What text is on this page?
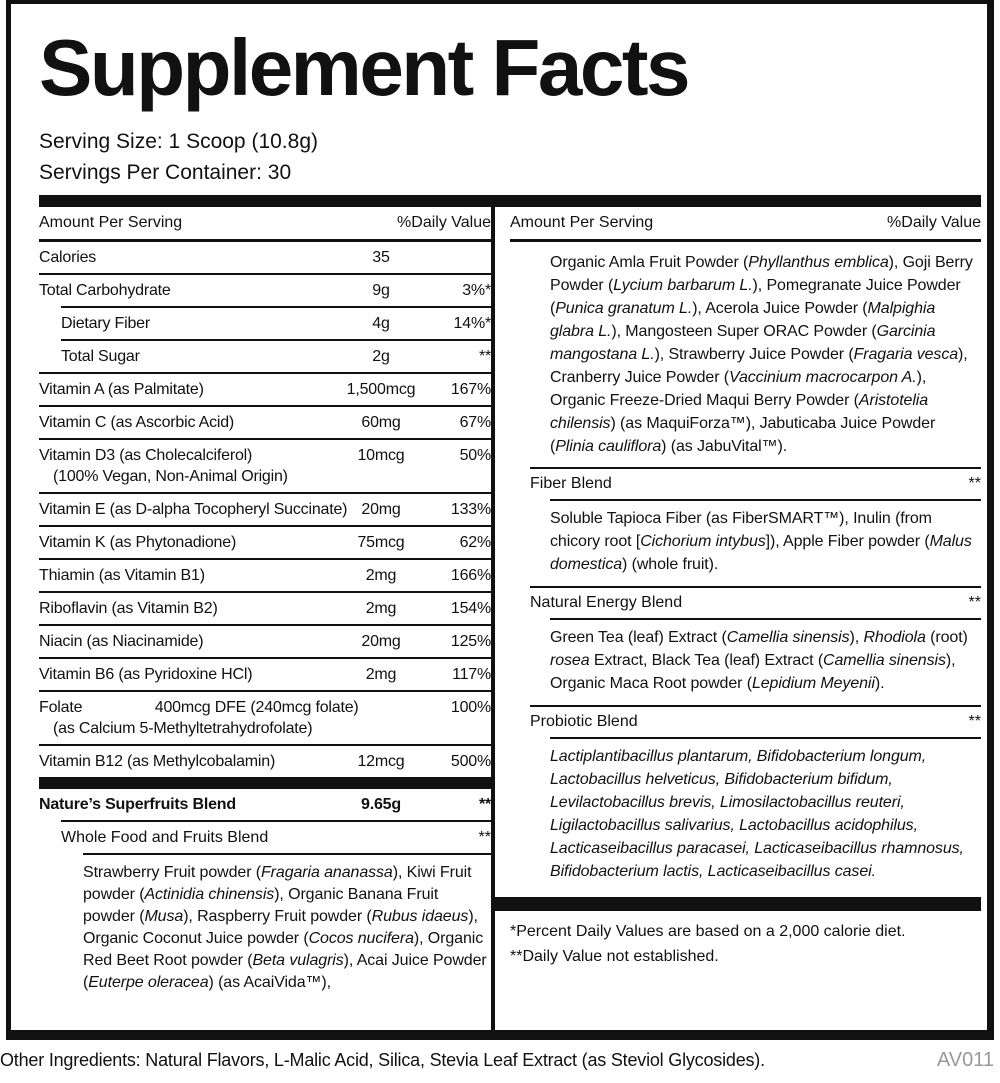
Supplement Facts
Serving Size: 1 Scoop (10.8g)
Servings Per Container: 30
Amount Per Serving	%Daily Value
Calories	35
Total Carbohydrate	9g	3%*
Dietary Fiber	4g	14%*
Total Sugar	2g	**
Vitamin A (as Palmitate)	1,500mcg	167%
Vitamin C (as Ascorbic Acid)	60mg	67%
Vitamin D3 (as Cholecalciferol)	10mcg	50%
(100% Vegan, Non-Animal Origin)
Vitamin E (as D-alpha Tocopheryl Succinate) 20mg	133%
Vitamin K (as Phytonadione)	75mcg	62%
Thiamin (as Vitamin B1)	2mg	166%
Riboflavin (as Vitamin B2)	2mg	154%
Niacin (as Niacinamide)	20mg	125%
Vitamin B6 (as Pyridoxine HCl)	2mg	117%
Folate	400mcg DFE (240mcg folate)	100%
(as Calcium 5-Methyltetrahydrofolate)
Vitamin B12 (as Methylcobalamin)	12mcg	500%
Nature’s Superfruits Blend	9.65g	**
Whole Food and Fruits Blend	**
Strawberry Fruit powder (Fragaria ananassa), Kiwi Fruit powder (Actinidia chinensis), Organic Banana Fruit powder (Musa), Raspberry Fruit powder (Rubus idaeus), Organic Coconut Juice powder (Cocos nucifera), Organic Red Beet Root powder (Beta vulagris), Acai Juice Powder (Euterpe oleracea) (as AcaiVida™),
Amount Per Serving	%Daily Value
Organic Amla Fruit Powder (Phyllanthus emblica), Goji Berry Powder (Lycium barbarum L.), Pomegranate Juice Powder (Punica granatum L.), Acerola Juice Powder (Malpighia glabra L.), Mangosteen Super ORAC Powder (Garcinia mangostana L.), Strawberry Juice Powder (Fragaria vesca), Cranberry Juice Powder (Vaccinium macrocarpon A.), Organic Freeze-Dried Maqui Berry Powder (Aristotelia chilensis) (as MaquiForza™), Jabuticaba Juice Powder (Plinia cauliflora) (as JabuVital™).
Fiber Blend	**
Soluble Tapioca Fiber (as FiberSMART™), Inulin (from chicory root [Cichorium intybus]), Apple Fiber powder (Malus domestica) (whole fruit).
Natural Energy Blend	**
Green Tea (leaf) Extract (Camellia sinensis), Rhodiola (root) rosea Extract, Black Tea (leaf) Extract (Camellia sinensis), Organic Maca Root powder (Lepidium Meyenii).
Probiotic Blend	**
Lactiplantibacillus plantarum, Bifidobacterium longum, Lactobacillus helveticus, Bifidobacterium bifidum, Levilactobacillus brevis, Limosilactobacillus reuteri, Ligilactobacillus salivarius, Lactobacillus acidophilus, Lacticaseibacillus paracasei, Lacticaseibacillus rhamnosus, Bifidobacterium lactis, Lacticaseibacillus casei.
*Percent Daily Values are based on a 2,000 calorie diet.
**Daily Value not established.
Other Ingredients: Natural Flavors, L-Malic Acid, Silica, Stevia Leaf Extract (as Steviol Glycosides).	AV011
